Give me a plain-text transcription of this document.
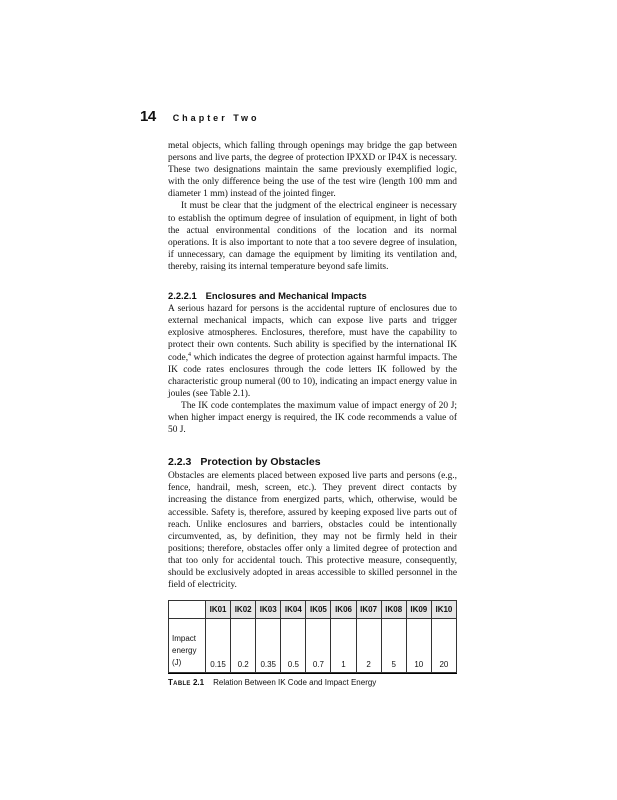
14 Chapter Two

metal objects, which falling through openings may bridge the gap between persons and live parts, the degree of protection IPXXD or IP4X is necessary. These two designations maintain the same previously exemplified logic, with the only difference being the use of the test wire (length 100 mm and diameter 1 mm) instead of the jointed finger.

It must be clear that the judgment of the electrical engineer is necessary to establish the optimum degree of insulation of equipment, in light of both the actual environmental conditions of the location and its normal operations. It is also important to note that a too severe degree of insulation, if unnecessary, can damage the equipment by limiting its ventilation and, thereby, raising its internal temperature beyond safe limits.

2.2.2.1 Enclosures and Mechanical Impacts

A serious hazard for persons is the accidental rupture of enclosures due to external mechanical impacts, which can expose live parts and trigger explosive atmospheres. Enclosures, therefore, must have the capability to protect their own contents. Such ability is specified by the international IK code,$^4$ which indicates the degree of protection against harmful impacts. The IK code rates enclosures through the code letters IK followed by the characteristic group numeral (00 to 10), indicating an impact energy value in joules (see Table 2.1).

The IK code contemplates the maximum value of impact energy of 20 J; when higher impact energy is required, the IK code recommends a value of 50 J.

2.2.3 Protection by Obstacles

Obstacles are elements placed between exposed live parts and persons (e.g., fence, handrail, mesh, screen, etc.). They prevent direct contacts by increasing the distance from energized parts, which, otherwise, would be accessible. Safety is, therefore, assured by keeping exposed live parts out of reach. Unlike enclosures and barriers, obstacles could be intentionally circumvented, as, by definition, they may not be firmly held in their positions; therefore, obstacles offer only a limited degree of protection and that too only for accidental touch. This protective measure, consequently, should be exclusively adopted in areas accessible to skilled personnel in the field of electricity.

	IK01	IK02	IK03	IK04	IK05	IK06	IK07	IK08	IK09	IK10
Impact
energy
(J)	0.15	0.2	0.35	0.5	0.7	1	2	5	10	20
Table 2.1 Relation Between IK Code and Impact Energy
